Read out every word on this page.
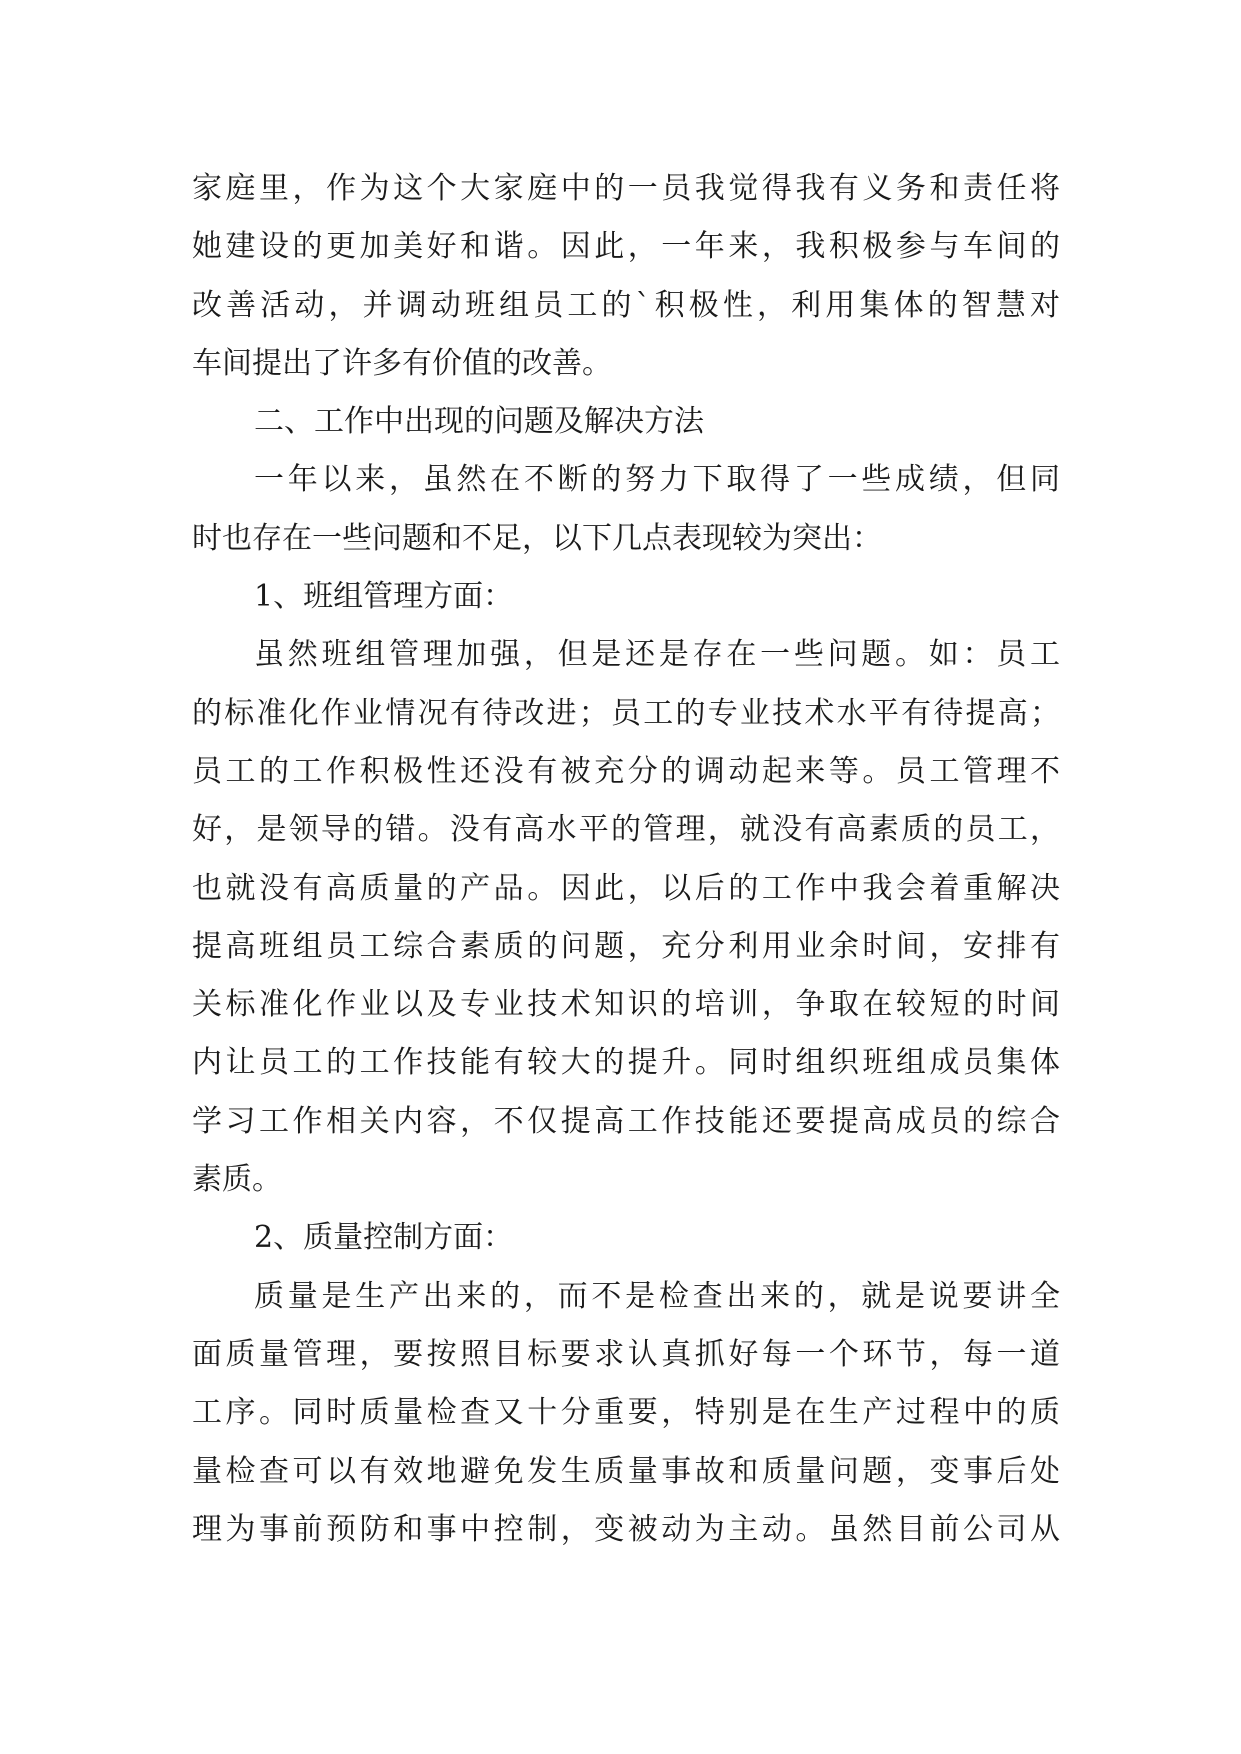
家庭里，作为这个大家庭中的一员我觉得我有义务和责任将
她建设的更加美好和谐。因此，一年来，我积极参与车间的
改善活动，并调动班组员工的`积极性，利用集体的智慧对
车间提出了许多有价值的改善。
二、工作中出现的问题及解决方法
一年以来，虽然在不断的努力下取得了一些成绩，但同
时也存在一些问题和不足，以下几点表现较为突出：
1、班组管理方面：
虽然班组管理加强，但是还是存在一些问题。如：员工
的标准化作业情况有待改进；员工的专业技术水平有待提高；
员工的工作积极性还没有被充分的调动起来等。员工管理不
好，是领导的错。没有高水平的管理，就没有高素质的员工，
也就没有高质量的产品。因此，以后的工作中我会着重解决
提高班组员工综合素质的问题，充分利用业余时间，安排有
关标准化作业以及专业技术知识的培训，争取在较短的时间
内让员工的工作技能有较大的提升。同时组织班组成员集体
学习工作相关内容，不仅提高工作技能还要提高成员的综合
素质。
2、质量控制方面：
质量是生产出来的，而不是检查出来的，就是说要讲全
面质量管理，要按照目标要求认真抓好每一个环节，每一道
工序。同时质量检查又十分重要，特别是在生产过程中的质
量检查可以有效地避免发生质量事故和质量问题，变事后处
理为事前预防和事中控制，变被动为主动。虽然目前公司从
